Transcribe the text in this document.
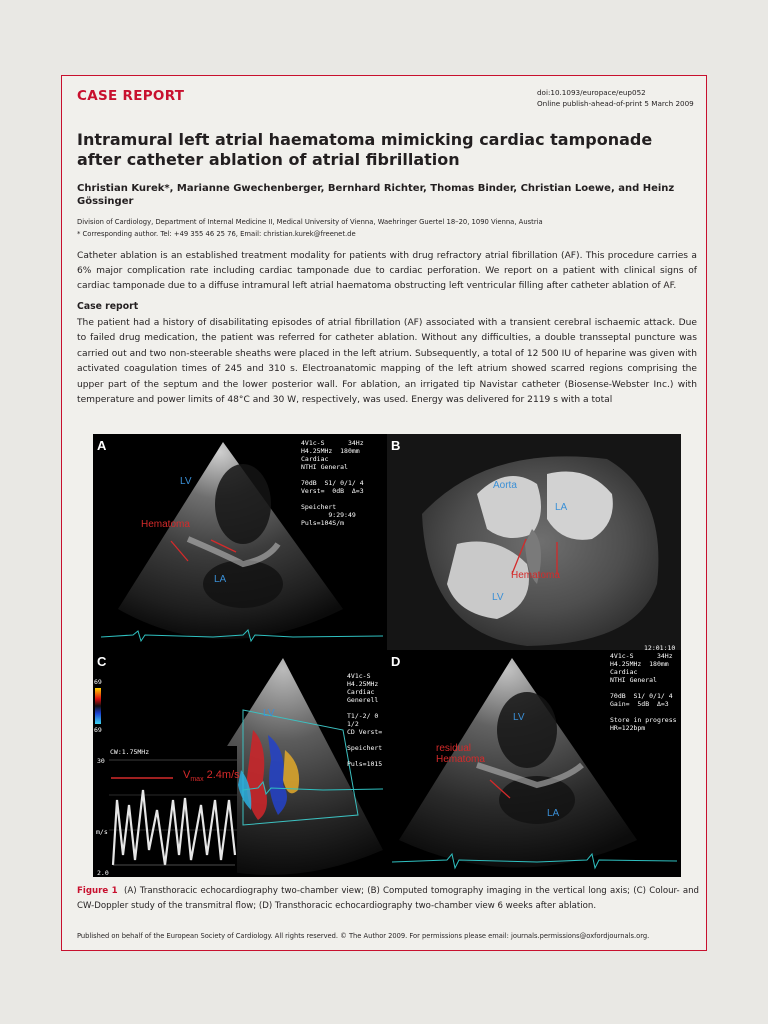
CASE REPORT	doi:10.1093/europace/eup052
Online publish-ahead-of-print 5 March 2009
Intramural left atrial haematoma mimicking cardiac tamponade after catheter ablation of atrial fibrillation
Christian Kurek*, Marianne Gwechenberger, Bernhard Richter, Thomas Binder, Christian Loewe, and Heinz Gössinger
Division of Cardiology, Department of Internal Medicine II, Medical University of Vienna, Waehringer Guertel 18–20, 1090 Vienna, Austria
* Corresponding author. Tel: +49 355 46 25 76, Email: christian.kurek@freenet.de
Catheter ablation is an established treatment modality for patients with drug refractory atrial fibrillation (AF). This procedure carries a 6% major complication rate including cardiac tamponade due to cardiac perforation. We report on a patient with clinical signs of cardiac tamponade due to a diffuse intramural left atrial haematoma obstructing left ventricular filling after catheter ablation of AF.
Case report
The patient had a history of disabilitating episodes of atrial fibrillation (AF) associated with a transient cerebral ischaemic attack. Due to failed drug medication, the patient was referred for catheter ablation. Without any difficulties, a double transseptal puncture was carried out and two non-steerable sheaths were placed in the left atrium. Subsequently, a total of 12 500 IU of heparine was given with activated coagulation times of 245 and 310 s. Electroanatomic mapping of the left atrium showed scarred regions comprising the upper part of the septum and the lower posterior wall. For ablation, an irrigated tip Navistar catheter (Biosense-Webster Inc.) with temperature and power limits of 48°C and 30 W, respectively, was used. Energy was delivered for 2119 s with a total
A
LV
Hematoma
LA
4V1c-S      34Hz
H4.25MHz  180mm
Cardiac
NTHI General

70dB  S1/ 0/1/ 4
Verst=  0dB  Δ=3

Speichert
9:29:49
Puls=104S/m
B
Aorta
LA
Hematoma
LV
C
69
69
LV
CW:1.75MHz
30
m/s
2.0
$V_{max}$ 2.4m/s
4V1c-S
H4.25MHz
Cardiac
Generell

T1/-2/ 0
1/2
CD Verst=

Speichert

Puls=1015
D
LV
residual
Hematoma
LA
12:01:10
4V1c-S      34Hz
H4.25MHz  180mm
Cardiac
NTHI General

70dB  S1/ 0/1/ 4
Gain=  5dB  Δ=3

Store in progress
HR=122bpm
Figure 1 (A) Transthoracic echocardiography two-chamber view; (B) Computed tomography imaging in the vertical long axis; (C) Colour- and CW-Doppler study of the transmitral flow; (D) Transthoracic echocardiography two-chamber view 6 weeks after ablation.
Published on behalf of the European Society of Cardiology. All rights reserved. © The Author 2009. For permissions please email: journals.permissions@oxfordjournals.org.
